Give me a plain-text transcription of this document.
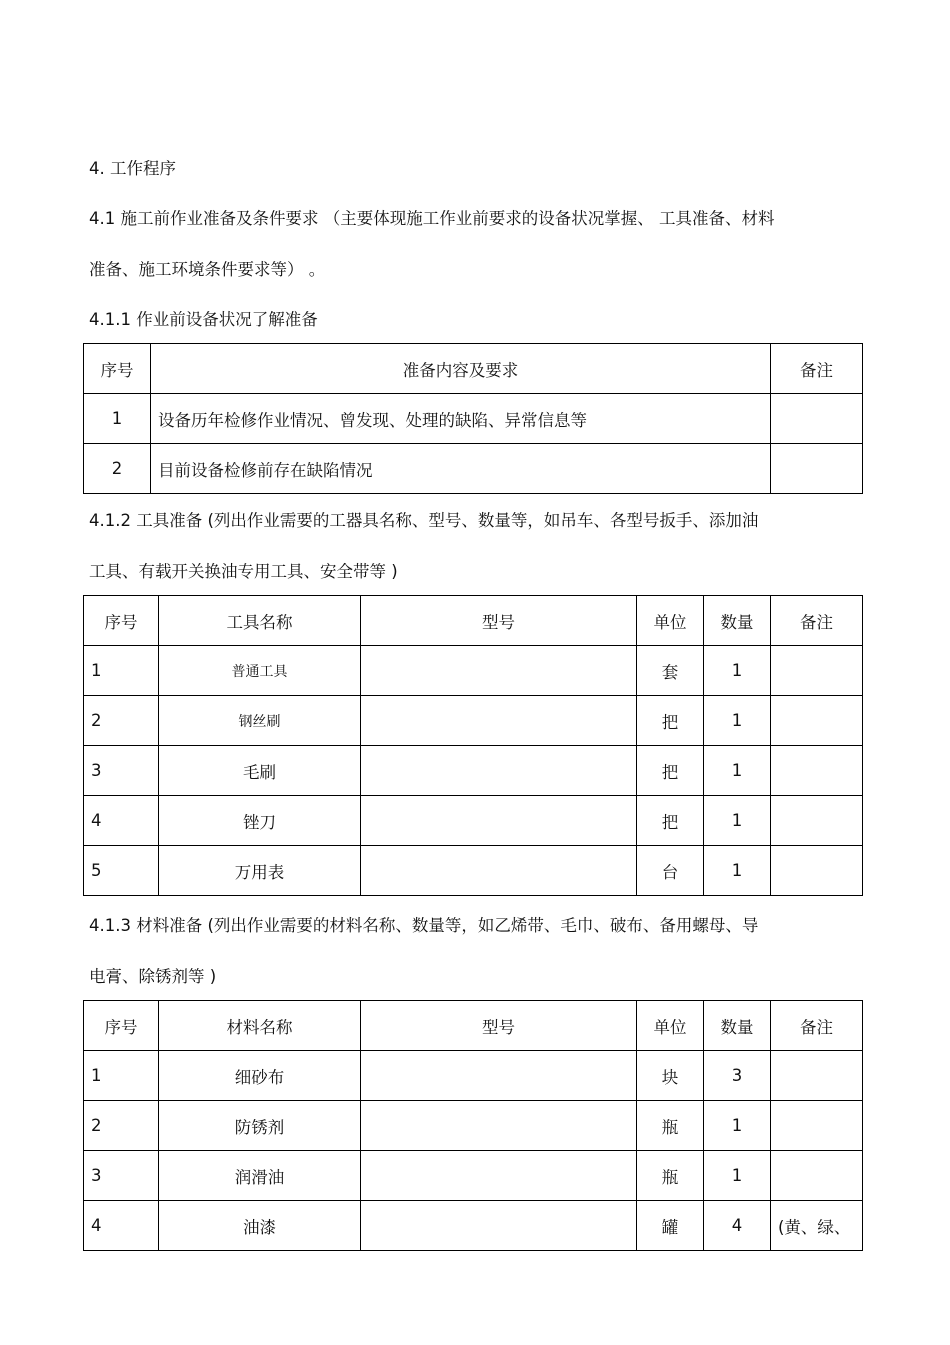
4. 工作程序
4.1 施工前作业准备及条件要求 （主要体现施工作业前要求的设备状况掌握、 工具准备、材料
准备、施工环境条件要求等） 。
4.1.1 作业前设备状况了解准备
序号	准备内容及要求	备注
1	设备历年检修作业情况、曾发现、处理的缺陷、异常信息等	
2	目前设备检修前存在缺陷情况	
4.1.2 工具准备 (列出作业需要的工器具名称、型号、数量等，如吊车、各型号扳手、添加油
工具、有载开关换油专用工具、安全带等 )
序号	工具名称	型号	单位	数量	备注
1	普通工具		套	1	
2	钢丝刷		把	1	
3	毛刷		把	1	
4	锉刀		把	1	
5	万用表		台	1	
4.1.3 材料准备 (列出作业需要的材料名称、数量等，如乙烯带、毛巾、破布、备用螺母、导
电膏、除锈剂等 )
序号	材料名称	型号	单位	数量	备注
1	细砂布		块	3	
2	防锈剂		瓶	1	
3	润滑油		瓶	1	
4	油漆		罐	4	(黄、绿、
